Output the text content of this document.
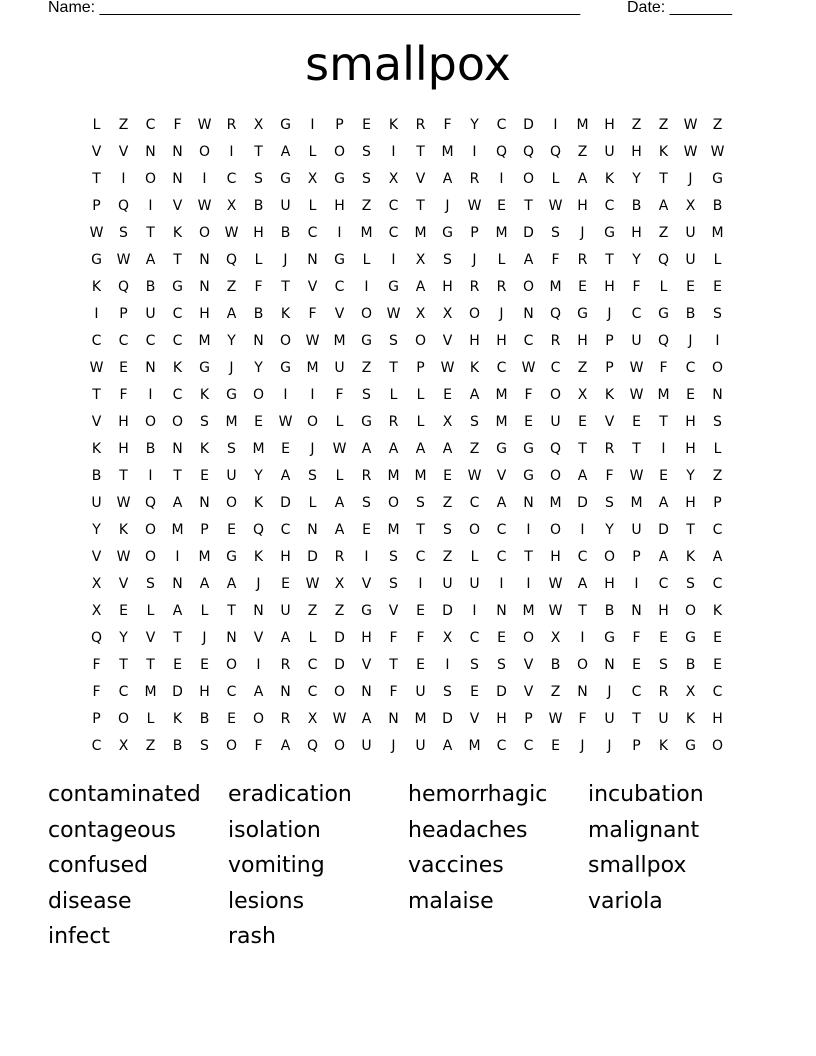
Name: ______________________________________________________	Date: _______
smallpox
L	Z	C	F	W	R	X	G	I	P	E	K	R	F	Y	C	D	I	M	H	Z	Z	W	Z
V	V	N	N	O	I	T	A	L	O	S	I	T	M	I	Q	Q	Q	Z	U	H	K	W W
T	I	O	N	I	C	S	G	X	G	S	X	V	A	R	I	O	L	A	K	Y	T	J	G
P	Q	I	V	W	X	B	U	L	H	Z	C	T	J	W	E	T	W	H	C	B	A	X	B
W	S	T	K	O	W	H	B	C	I	M	C	M	G	P	M	D	S	J	G	H	Z	U	M
G	W	A	T	N	Q	L	J	N	G	L	I	X	S	J	L	A	F	R	T	Y	Q	U	L
K	Q	B	G	N	Z	F	T	V	C	I	G	A	H	R	R	O	M	E	H	F	L	E	E
I	P	U	C	H	A	B	K	F	V	O	W	X	X	O	J	N	Q	G	J	C	G	B	S
C	C	C	C	M	Y	N	O	W	M	G	S	O	V	H	H	C	R	H	P	U	Q	J	I
W	E	N	K	G	J	Y	G	M	U	Z	T	P	W	K	C	W	C	Z	P	W	F	C	O
T	F	I	C	K	G	O	I	I	F	S	L	L	E	A	M	F	O	X	K	W	M	E	N
V	H	O	O	S	M	E	W	O	L	G	R	L	X	S	M	E	U	E	V	E	T	H	S
K	H	B	N	K	S	M	E	J	W	A	A	A	A	Z	G	G	Q	T	R	T	I	H	L
B	T	I	T	E	U	Y	A	S	L	R	M	M	E	W	V	G	O	A	F	W	E	Y	Z
U	W	Q	A	N	O	K	D	L	A	S	O	S	Z	C	A	N	M	D	S	M	A	H	P
Y	K	O	M	P	E	Q	C	N	A	E	M	T	S	O	C	I	O	I	Y	U	D	T	C
V	W	O	I	M	G	K	H	D	R	I	S	C	Z	L	C	T	H	C	O	P	A	K	A
X	V	S	N	A	A	J	E	W	X	V	S	I	U	U	I	I	W	A	H	I	C	S	C
X	E	L	A	L	T	N	U	Z	Z	G	V	E	D	I	N	M	W	T	B	N	H	O	K
Q	Y	V	T	J	N	V	A	L	D	H	F	F	X	C	E	O	X	I	G	F	E	G	E
F	T	T	E	E	O	I	R	C	D	V	T	E	I	S	S	V	B	O	N	E	S	B	E
F	C	M	D	H	C	A	N	C	O	N	F	U	S	E	D	V	Z	N	J	C	R	X	C
P	O	L	K	B	E	O	R	X	W	A	N	M	D	V	H	P	W	F	U	T	U	K	H
C	X	Z	B	S	O	F	A	Q	O	U	J	U	A	M	C	C	E	J	J	P	K	G	O
contaminated
contageous
confused
disease
infect
eradication
isolation
vomiting
lesions
rash
hemorrhagic
headaches
vaccines
malaise
incubation
malignant
smallpox
variola
